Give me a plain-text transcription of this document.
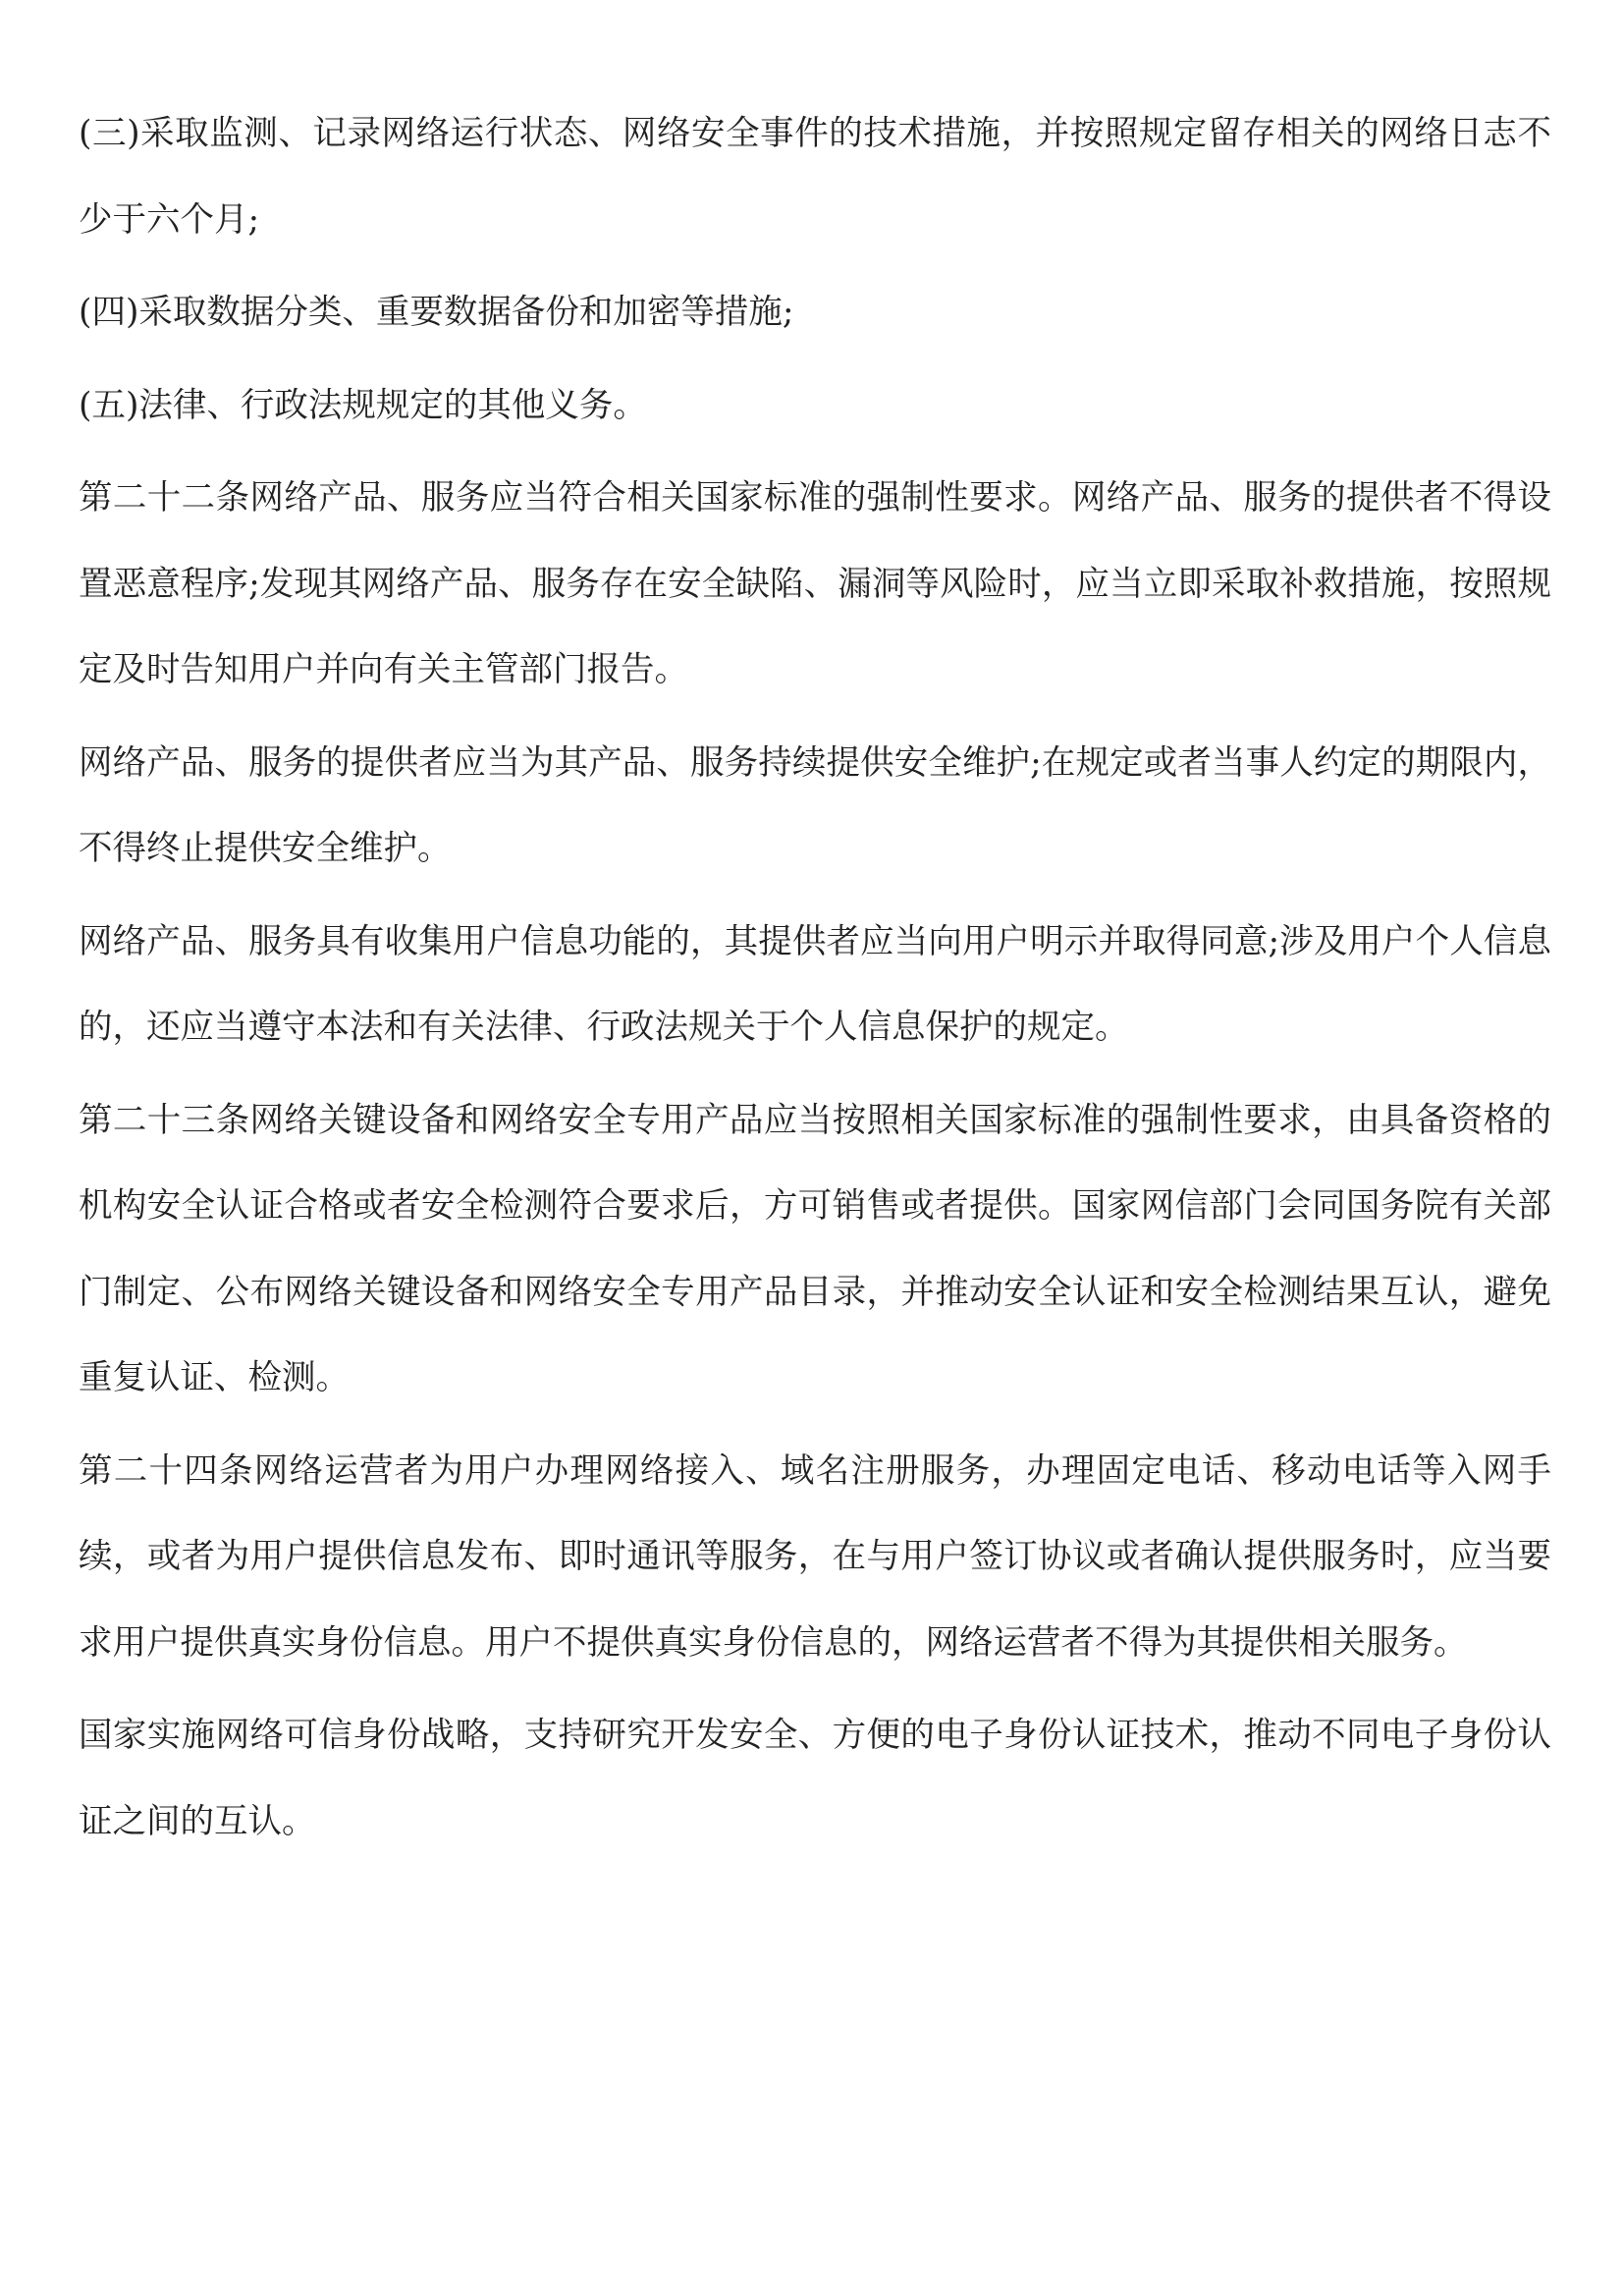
(三)采取监测、记录网络运行状态、网络安全事件的技术措施，并按照规定留存相关的网络日志不少于六个月;

(四)采取数据分类、重要数据备份和加密等措施;

(五)法律、行政法规规定的其他义务。

第二十二条网络产品、服务应当符合相关国家标准的强制性要求。网络产品、服务的提供者不得设置恶意程序;发现其网络产品、服务存在安全缺陷、漏洞等风险时，应当立即采取补救措施，按照规定及时告知用户并向有关主管部门报告。

网络产品、服务的提供者应当为其产品、服务持续提供安全维护;在规定或者当事人约定的期限内，不得终止提供安全维护。

网络产品、服务具有收集用户信息功能的，其提供者应当向用户明示并取得同意;涉及用户个人信息的，还应当遵守本法和有关法律、行政法规关于个人信息保护的规定。

第二十三条网络关键设备和网络安全专用产品应当按照相关国家标准的强制性要求，由具备资格的机构安全认证合格或者安全检测符合要求后，方可销售或者提供。国家网信部门会同国务院有关部门制定、公布网络关键设备和网络安全专用产品目录，并推动安全认证和安全检测结果互认，避免重复认证、检测。

第二十四条网络运营者为用户办理网络接入、域名注册服务，办理固定电话、移动电话等入网手续，或者为用户提供信息发布、即时通讯等服务，在与用户签订协议或者确认提供服务时，应当要求用户提供真实身份信息。用户不提供真实身份信息的，网络运营者不得为其提供相关服务。

国家实施网络可信身份战略，支持研究开发安全、方便的电子身份认证技术，推动不同电子身份认证之间的互认。
